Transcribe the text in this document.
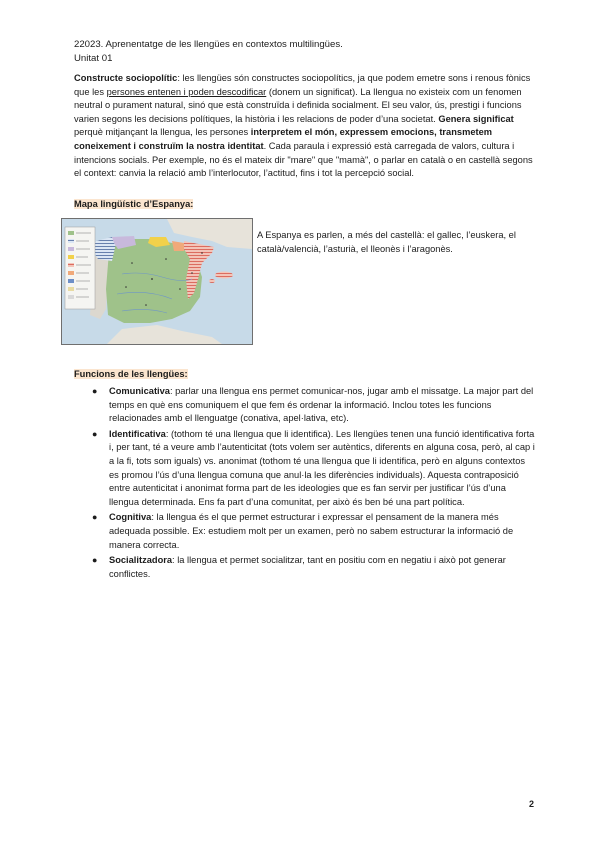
22023. Aprenentatge de les llengües en contextos multilingües.
Unitat 01
Constructe sociopolític: les llengües són constructes sociopolítics, ja que podem emetre sons i renous fònics que les persones entenen i poden descodificar (donem un significat). La llengua no existeix com un fenomen neutral o purament natural, sinó que està construïda i definida socialment. El seu valor, ús, prestigi i funcions varien segons les decisions polítiques, la història i les relacions de poder d’una societat. Genera significat perquè mitjançant la llengua, les persones interpretem el món, expressem emocions, transmetem coneixement i construïm la nostra identitat. Cada paraula i expressió està carregada de valors, cultura i intencions socials. Per exemple, no és el mateix dir "mare" que "mamà", o parlar en català o en castellà segons el context: canvia la relació amb l’interlocutor, l’actitud, fins i tot la percepció social.
Mapa lingüístic d’Espanya:
A Espanya es parlen, a més del castellà: el gallec, l’euskera, el català/valencià, l’asturià, el lleonès i l’aragonès.
Funcions de les llengües:
● Comunicativa: parlar una llengua ens permet comunicar-nos, jugar amb el missatge. La major part del temps en què ens comuniquem el que fem és ordenar la informació. Inclou totes les funcions relacionades amb el llenguatge (conativa, apel·lativa, etc).
● Identificativa: (tothom té una llengua que li identifica). Les llengües tenen una funció identificativa forta i, per tant, té a veure amb l’autenticitat (tots volem ser autèntics, diferents en alguna cosa, però, al cap i a la fi, tots som iguals) vs. anonimat (tothom té una llengua que li identifica, però en alguns contextos es promou l’ús d’una llengua comuna que anul·la les diferències individuals). Aquesta contraposició entre autenticitat i anonimat forma part de les ideologies que es fan servir per justificar l’ús d’una llengua determinada. Ens fa part d’una comunitat, per això és ben bé una part política.
● Cognitiva: la llengua és el que permet estructurar i expressar el pensament de la manera més adequada possible. Ex: estudiem molt per un examen, però no sabem estructurar la informació de manera correcta.
● Socialitzadora: la llengua et permet socialitzar, tant en positiu com en negatiu i això pot generar conflictes.
2
